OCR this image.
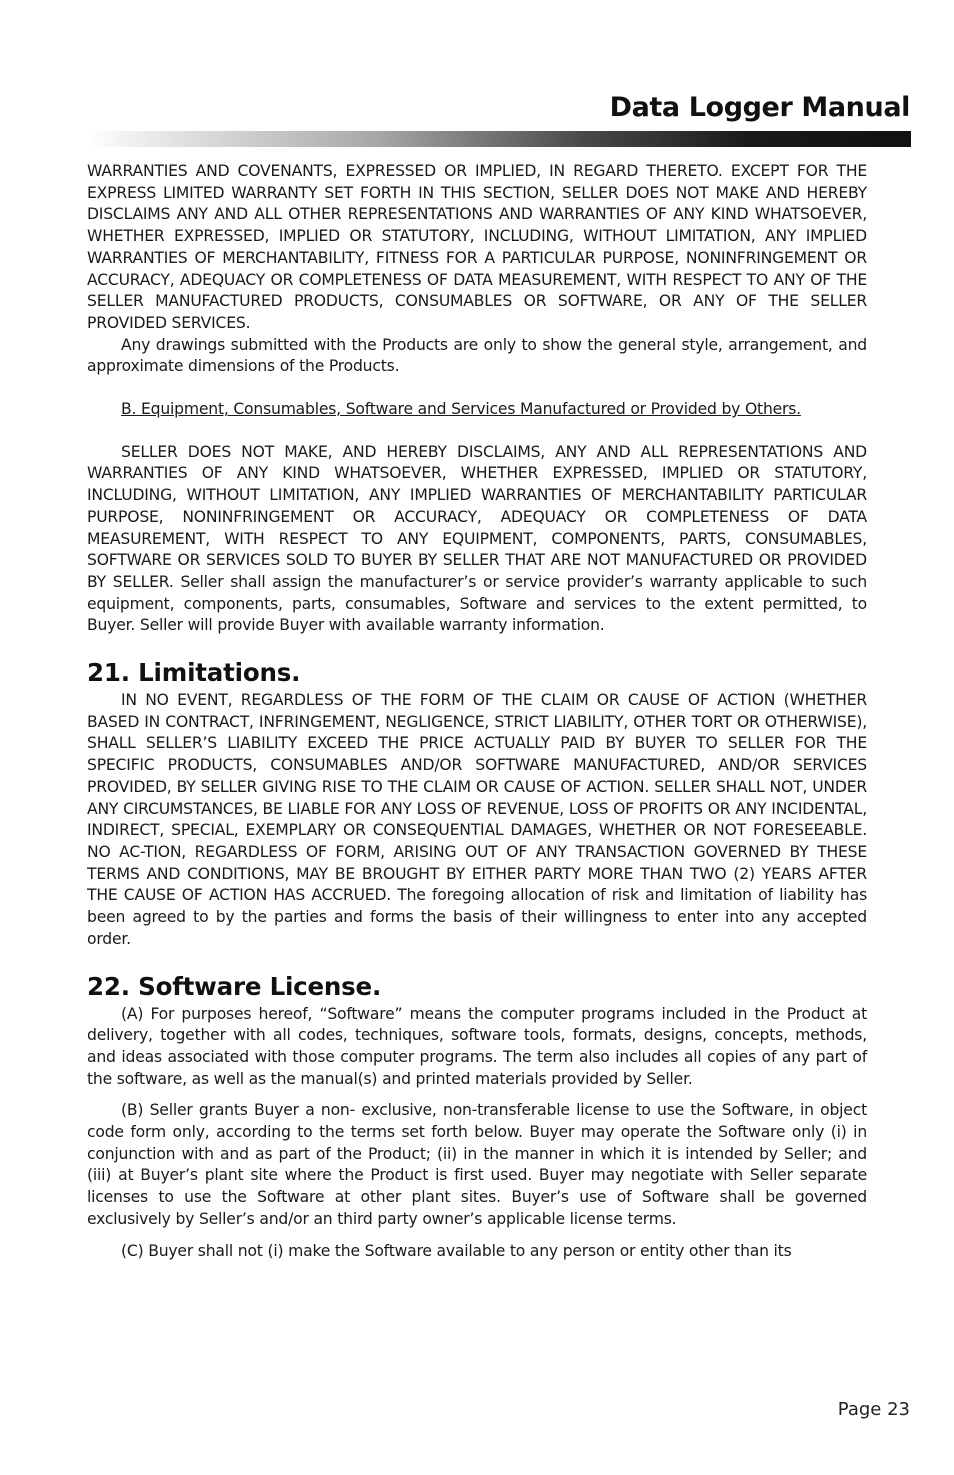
Data Logger Manual

WARRANTIES AND COVENANTS, EXPRESSED OR IMPLIED, IN REGARD THERETO. EXCEPT FOR THE EXPRESS LIMITED WARRANTY SET FORTH IN THIS SECTION, SELLER DOES NOT MAKE AND HEREBY DISCLAIMS ANY AND ALL OTHER REPRESENTATIONS AND WARRANTIES OF ANY KIND WHATSOEVER, WHETHER EXPRESSED, IMPLIED OR STATUTORY, INCLUDING, WITHOUT LIMITATION, ANY IMPLIED WARRANTIES OF MERCHANTABILITY, FITNESS FOR A PARTICULAR PURPOSE, NONINFRINGEMENT OR ACCURACY, ADEQUACY OR COMPLETENESS OF DATA MEASUREMENT, WITH RESPECT TO ANY OF THE SELLER MANUFACTURED PRODUCTS, CONSUMABLES OR SOFTWARE, OR ANY OF THE SELLER PROVIDED SERVICES.

Any drawings submitted with the Products are only to show the general style, arrangement, and approximate dimensions of the Products.

B. Equipment, Consumables, Software and Services Manufactured or Provided by Others.

SELLER DOES NOT MAKE, AND HEREBY DISCLAIMS, ANY AND ALL REPRESENTATIONS AND WARRANTIES OF ANY KIND WHATSOEVER, WHETHER EXPRESSED, IMPLIED OR STATUTORY, INCLUDING, WITHOUT LIMITATION, ANY IMPLIED WARRANTIES OF MERCHANTABILITY PARTICULAR PURPOSE, NONINFRINGEMENT OR ACCURACY, ADEQUACY OR COMPLETENESS OF DATA MEASUREMENT, WITH RESPECT TO ANY EQUIPMENT, COMPONENTS, PARTS, CONSUMABLES, SOFTWARE OR SERVICES SOLD TO BUYER BY SELLER THAT ARE NOT MANUFACTURED OR PROVIDED BY SELLER. Seller shall assign the manufacturer’s or service provider’s warranty applicable to such equipment, components, parts, consumables, Software and services to the extent permitted, to Buyer. Seller will provide Buyer with available warranty information.

21. Limitations.

IN NO EVENT, REGARDLESS OF THE FORM OF THE CLAIM OR CAUSE OF ACTION (WHETHER BASED IN CONTRACT, INFRINGEMENT, NEGLIGENCE, STRICT LIABILITY, OTHER TORT OR OTHERWISE), SHALL SELLER’S LIABILITY EXCEED THE PRICE ACTUALLY PAID BY BUYER TO SELLER FOR THE SPECIFIC PRODUCTS, CONSUMABLES AND/OR SOFTWARE MANUFACTURED, AND/OR SERVICES PROVIDED, BY SELLER GIVING RISE TO THE CLAIM OR CAUSE OF ACTION. SELLER SHALL NOT, UNDER ANY CIRCUMSTANCES, BE LIABLE FOR ANY LOSS OF REVENUE, LOSS OF PROFITS OR ANY INCIDENTAL, INDIRECT, SPECIAL, EXEMPLARY OR CONSEQUENTIAL DAMAGES, WHETHER OR NOT FORESEEABLE. NO AC-TION, REGARDLESS OF FORM, ARISING OUT OF ANY TRANSACTION GOVERNED BY THESE TERMS AND CONDITIONS, MAY BE BROUGHT BY EITHER PARTY MORE THAN TWO (2) YEARS AFTER THE CAUSE OF ACTION HAS ACCRUED. The foregoing allocation of risk and limitation of liability has been agreed to by the parties and forms the basis of their willingness to enter into any accepted order.

22. Software License.

(A) For purposes hereof, “Software” means the computer programs included in the Product at delivery, together with all codes, techniques, software tools, formats, designs, concepts, methods, and ideas associated with those computer programs. The term also includes all copies of any part of the software, as well as the manual(s) and printed materials provided by Seller.

(B) Seller grants Buyer a non- exclusive, non-transferable license to use the Software, in object code form only, according to the terms set forth below. Buyer may operate the Software only (i) in conjunction with and as part of the Product; (ii) in the manner in which it is intended by Seller; and (iii) at Buyer’s plant site where the Product is first used. Buyer may negotiate with Seller separate licenses to use the Software at other plant sites. Buyer’s use of Software shall be governed exclusively by Seller’s and/or an third party owner’s applicable license terms.

(C) Buyer shall not (i) make the Software available to any person or entity other than its

Page 23
